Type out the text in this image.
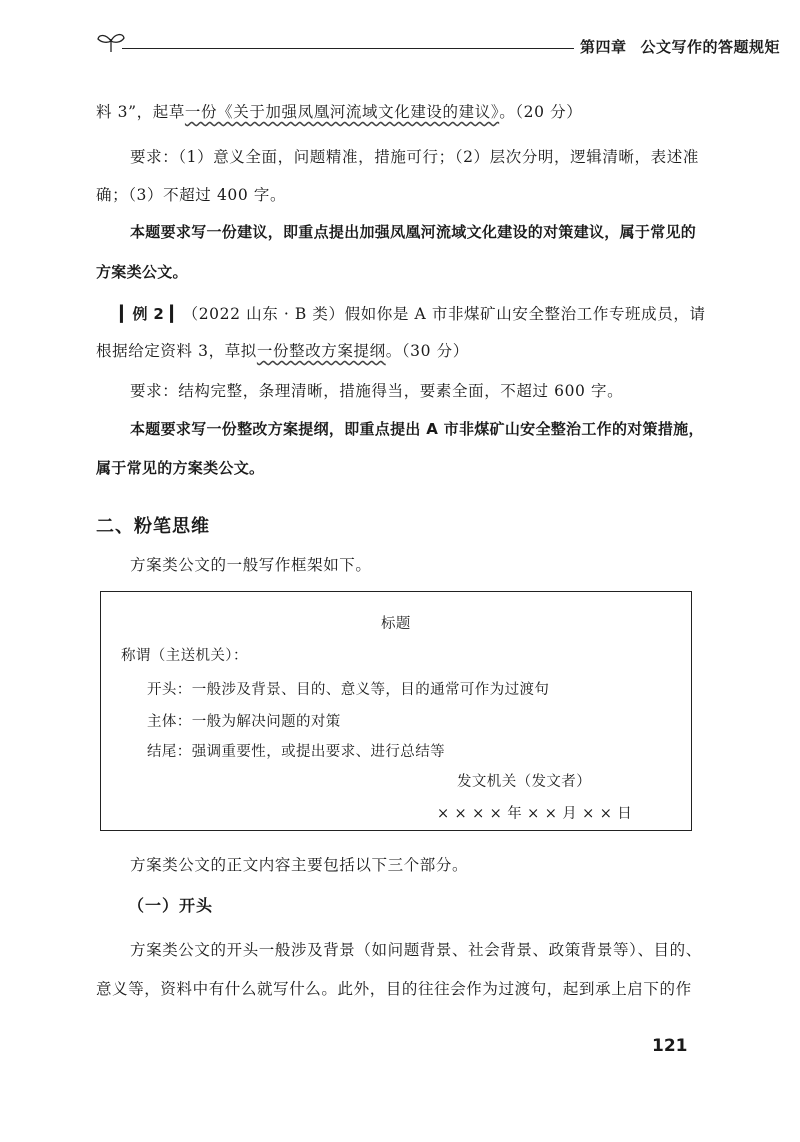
第四章 公文写作的答题规矩
料 3”，起草一份《关于加强凤凰河流域文化建设的建议》。（20 分）
要求：（1）意义全面，问题精准，措施可行；（2）层次分明，逻辑清晰，表述准
确；（3）不超过 400 字。
本题要求写一份建议，即重点提出加强凤凰河流域文化建设的对策建议，属于常见的
方案类公文。
▎例 2 ▎（2022 山东 · B 类）假如你是 A 市非煤矿山安全整治工作专班成员，请
根据给定资料 3，草拟一份整改方案提纲。（30 分）
要求：结构完整，条理清晰，措施得当，要素全面，不超过 600 字。
本题要求写一份整改方案提纲，即重点提出 A 市非煤矿山安全整治工作的对策措施，
属于常见的方案类公文。
二、粉笔思维
方案类公文的一般写作框架如下。
标题
称谓（主送机关）：
开头：一般涉及背景、目的、意义等，目的通常可作为过渡句
主体：一般为解决问题的对策
结尾：强调重要性，或提出要求、进行总结等
发文机关（发文者）
× × × × 年 × × 月 × × 日
方案类公文的正文内容主要包括以下三个部分。
（一）开头
方案类公文的开头一般涉及背景（如问题背景、社会背景、政策背景等）、目的、
意义等，资料中有什么就写什么。此外，目的往往会作为过渡句，起到承上启下的作
121
